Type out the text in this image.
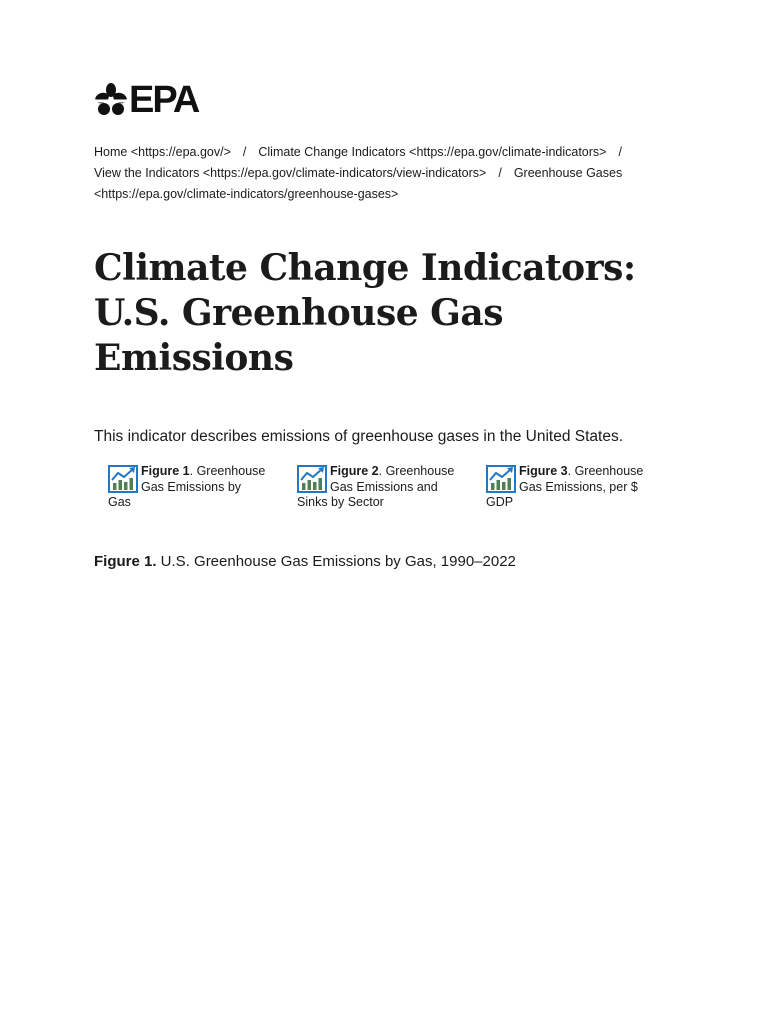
EPA
Home <https://epa.gov/> / Climate Change Indicators <https://epa.gov/climate-indicators> /
View the Indicators <https://epa.gov/climate-indicators/view-indicators> / Greenhouse Gases <https://epa.gov/climate-indicators/greenhouse-gases>
Climate Change Indicators:
U.S. Greenhouse Gas
Emissions

This indicator describes emissions of greenhouse gases in the United States.

Figure 1. Greenhouse Gas Emissions by Gas
Figure 2. Greenhouse Gas Emissions and Sinks by Sector
Figure 3. Greenhouse Gas Emissions, per $ GDP
Figure 1. U.S. Greenhouse Gas Emissions by Gas, 1990–2022
